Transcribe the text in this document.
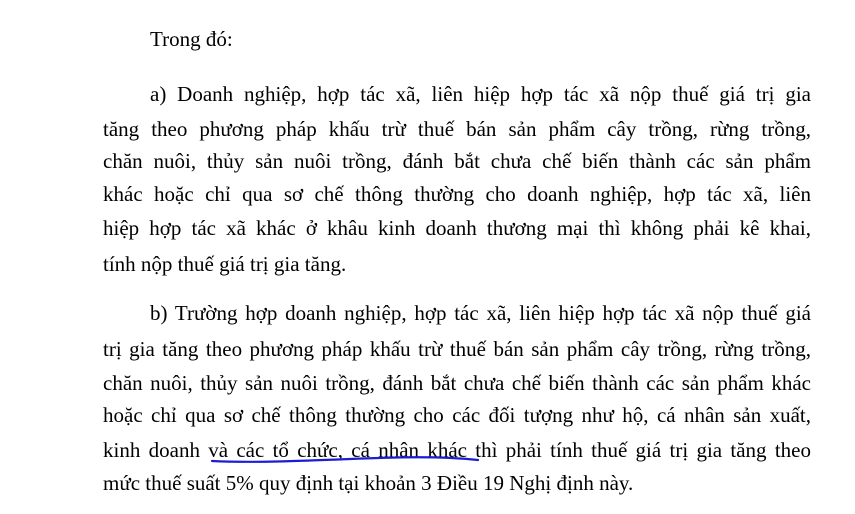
Trong đó:
a) Doanh nghiệp, hợp tác xã, liên hiệp hợp tác xã nộp thuế giá trị gia
tăng theo phương pháp khấu trừ thuế bán sản phẩm cây trồng, rừng trồng,
chăn nuôi, thủy sản nuôi trồng, đánh bắt chưa chế biến thành các sản phẩm
khác hoặc chỉ qua sơ chế thông thường cho doanh nghiệp, hợp tác xã, liên
hiệp hợp tác xã khác ở khâu kinh doanh thương mại thì không phải kê khai,
tính nộp thuế giá trị gia tăng.
b) Trường hợp doanh nghiệp, hợp tác xã, liên hiệp hợp tác xã nộp thuế giá
trị gia tăng theo phương pháp khấu trừ thuế bán sản phẩm cây trồng, rừng trồng,
chăn nuôi, thủy sản nuôi trồng, đánh bắt chưa chế biến thành các sản phẩm khác
hoặc chỉ qua sơ chế thông thường cho các đối tượng như hộ, cá nhân sản xuất,
kinh doanh và các tổ chức, cá nhân khác thì phải tính thuế giá trị gia tăng theo
mức thuế suất 5% quy định tại khoản 3 Điều 19 Nghị định này.
